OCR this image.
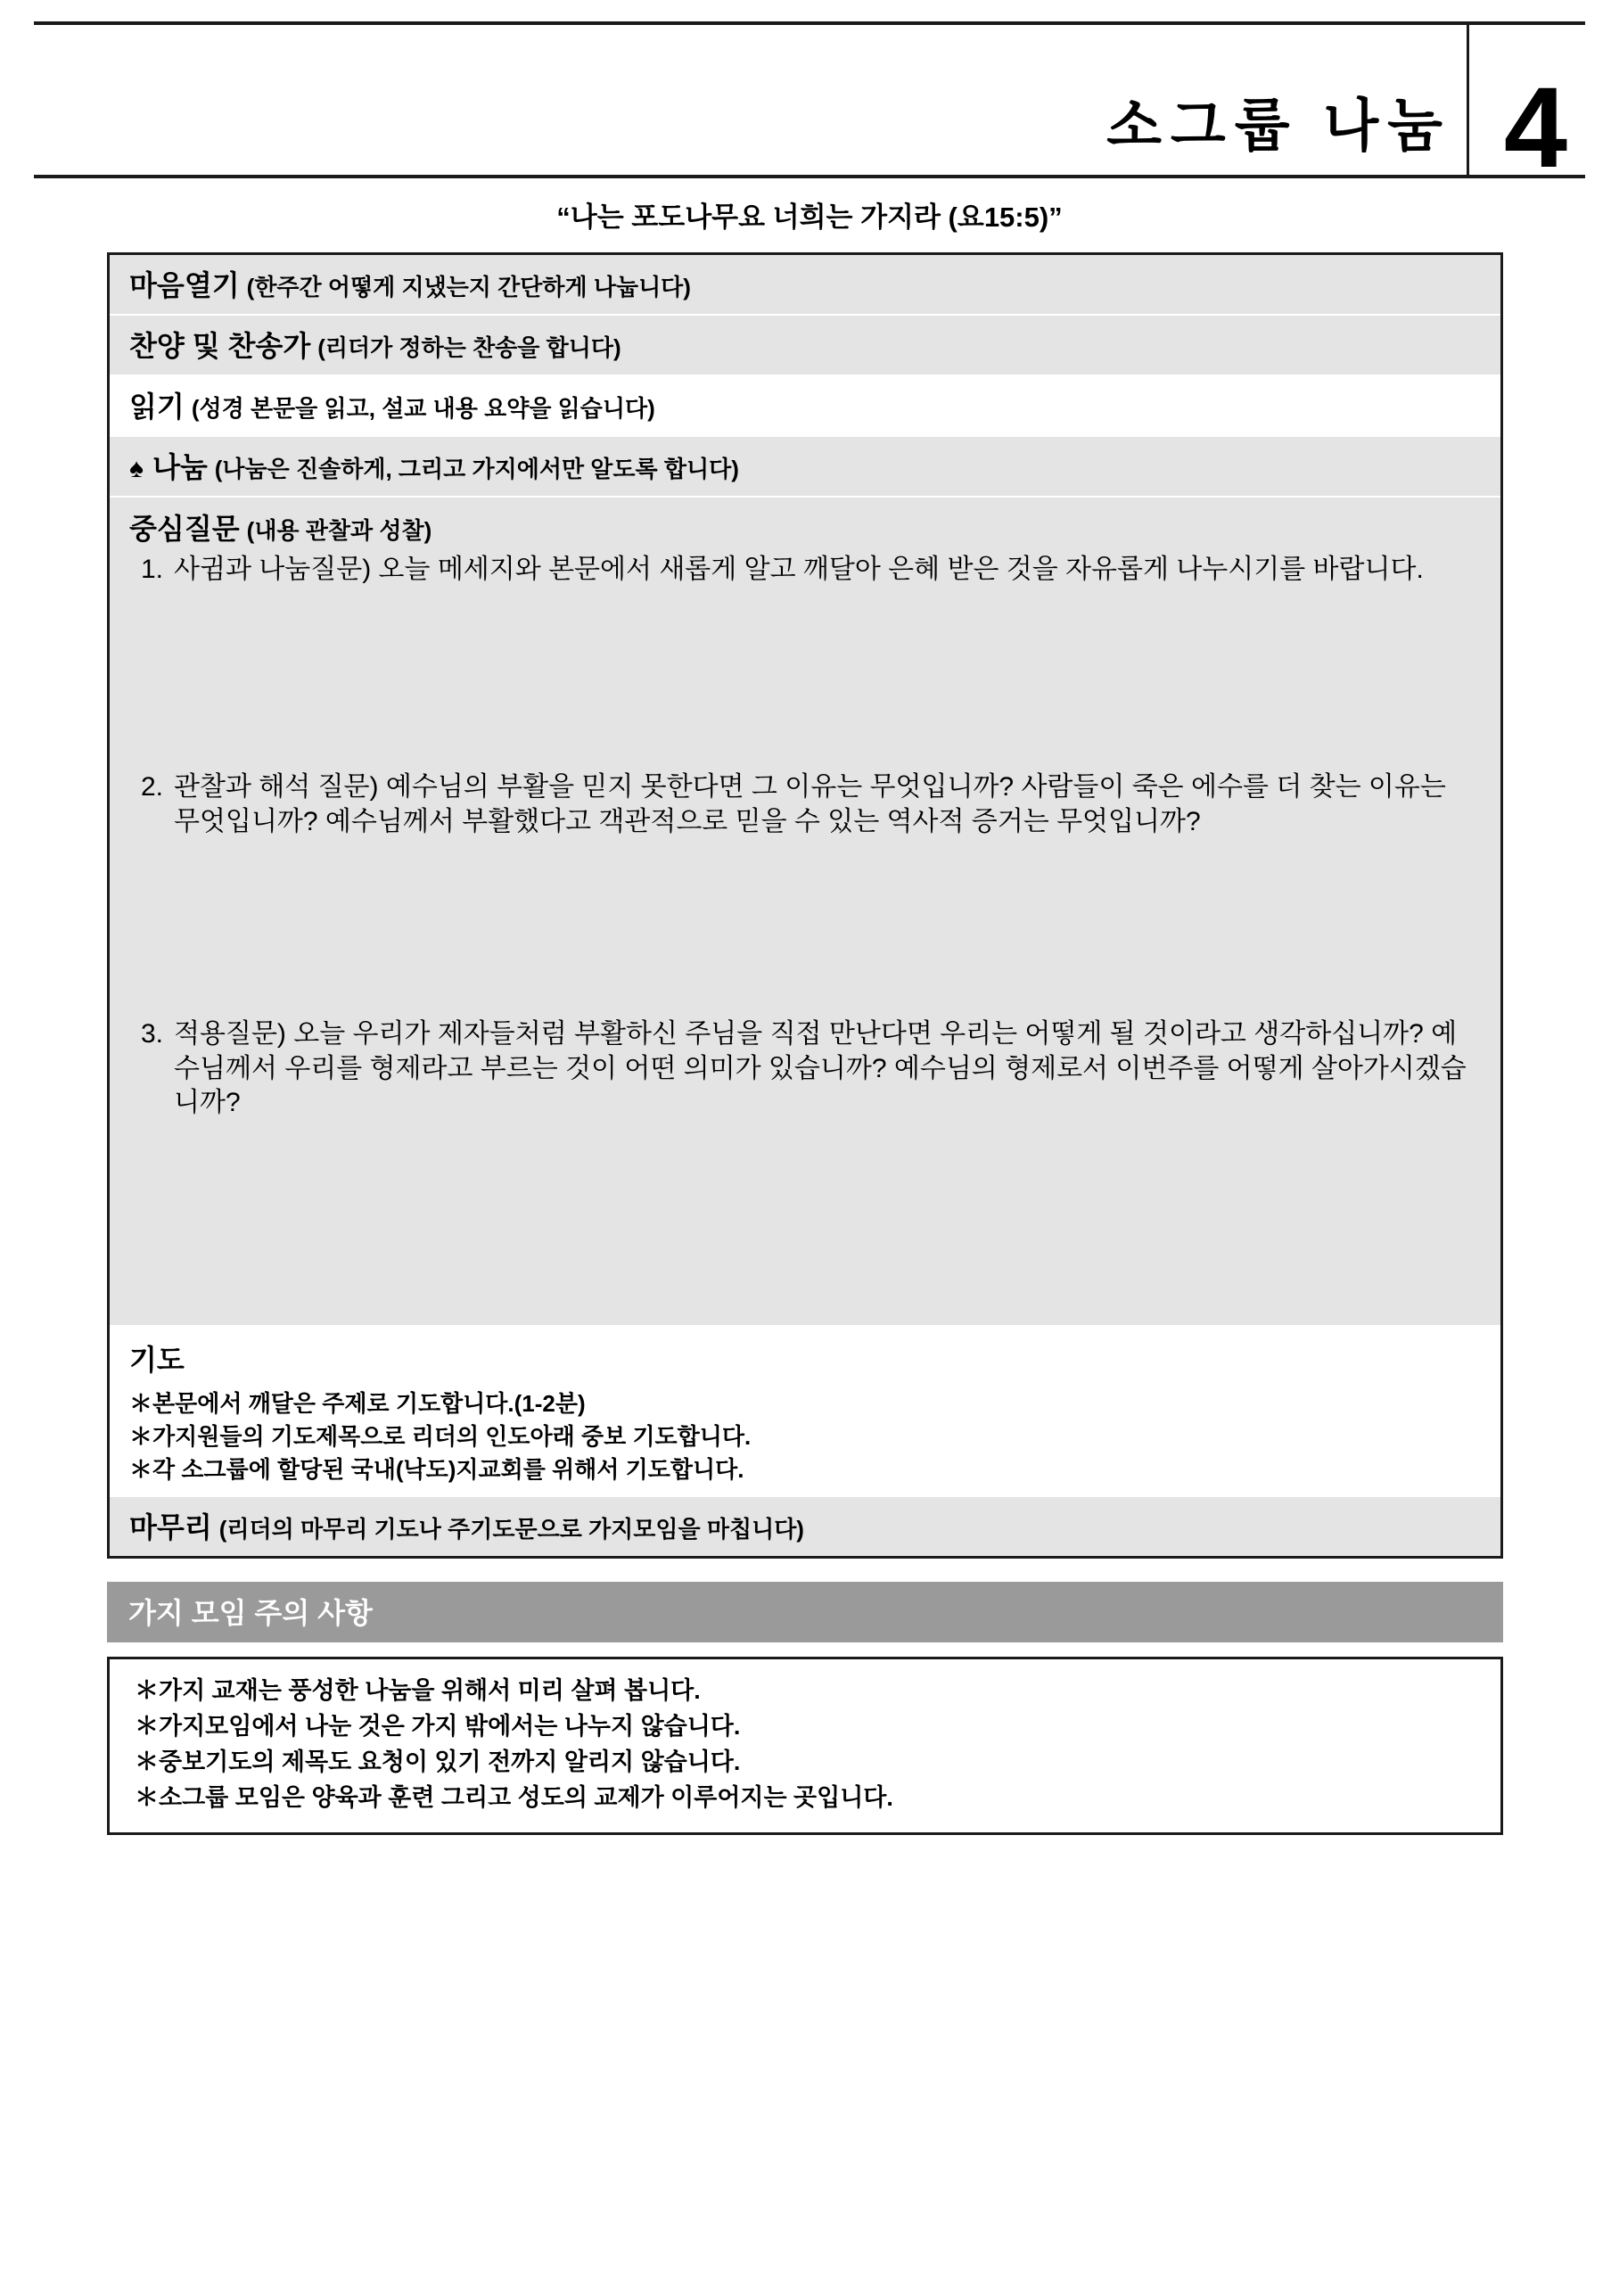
소그룹 나눔 4
“나는 포도나무요 너희는 가지라 (요15:5)”
마음열기 (한주간 어떻게 지냈는지 간단하게 나눕니다)
찬양 및 찬송가 (리더가 정하는 찬송을 합니다)
읽기 (성경 본문을 읽고, 설교 내용 요약을 읽습니다)
♠ 나눔 (나눔은 진솔하게, 그리고 가지에서만 알도록 합니다)
중심질문 (내용 관찰과 성찰)
1. 사귐과 나눔질문) 오늘 메세지와 본문에서 새롭게 알고 깨달아 은혜 받은 것을 자유롭게 나누시기를 바랍니다.
2. 관찰과 해석 질문) 예수님의 부활을 믿지 못한다면 그 이유는 무엇입니까? 사람들이 죽은 에수를 더 찾는 이유는 무엇입니까? 예수님께서 부활했다고 객관적으로 믿을 수 있는 역사적 증거는 무엇입니까?
3. 적용질문) 오늘 우리가 제자들처럼 부활하신 주님을 직접 만난다면 우리는 어떻게 될 것이라고 생각하십니까? 예수님께서 우리를 형제라고 부르는 것이 어떤 의미가 있습니까? 예수님의 형제로서 이번주를 어떻게 살아가시겠습니까?
기도
＊본문에서 깨달은 주제로 기도합니다.(1-2분)
＊가지원들의 기도제목으로 리더의 인도아래 중보 기도합니다.
＊각 소그룹에 할당된 국내(낙도)지교회를 위해서 기도합니다.
마무리 (리더의 마무리 기도나 주기도문으로 가지모임을 마칩니다)
가지 모임 주의 사항
＊가지 교재는 풍성한 나눔을 위해서 미리 살펴 봅니다.
＊가지모임에서 나눈 것은 가지 밖에서는 나누지 않습니다.
＊중보기도의 제목도 요청이 있기 전까지 알리지 않습니다.
＊소그룹 모임은 양육과 훈련 그리고 성도의 교제가 이루어지는 곳입니다.
